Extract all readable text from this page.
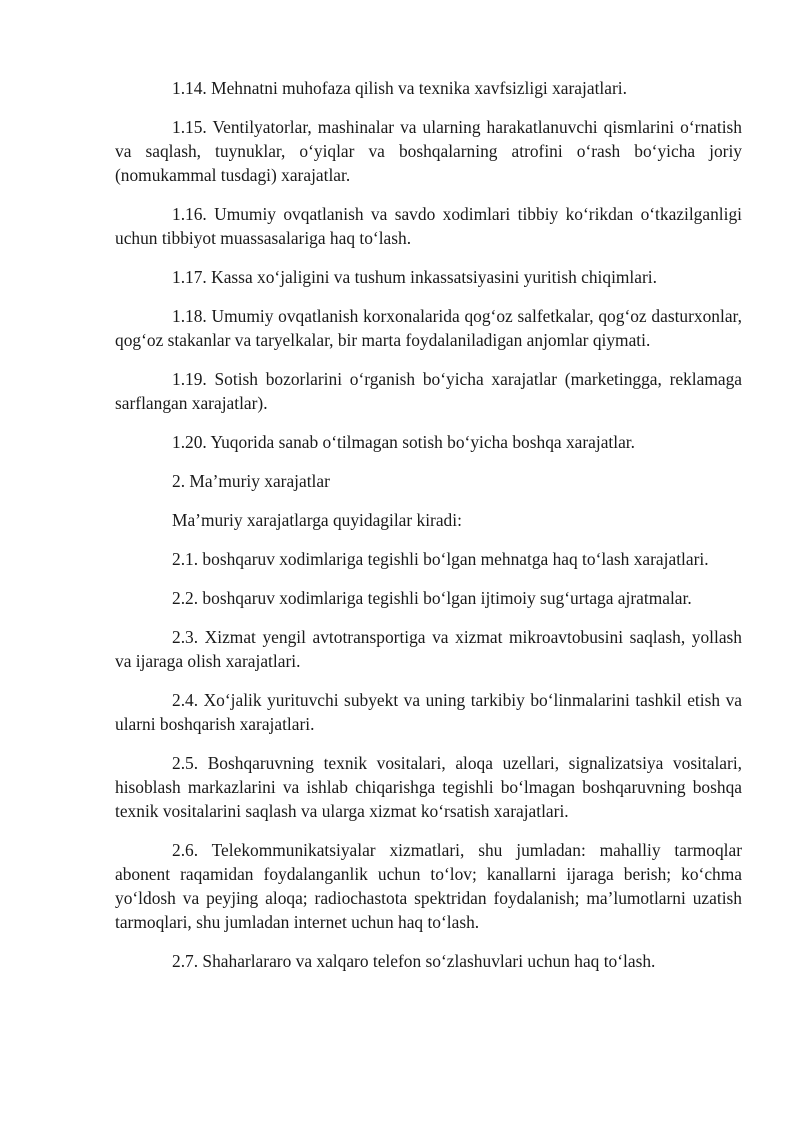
1.14. Mehnatni muhofaza qilish va texnika xavfsizligi xarajatlari.

1.15. Ventilyatorlar, mashinalar va ularning harakatlanuvchi qismlarini o‘rnatish va saqlash, tuynuklar, o‘yiqlar va boshqalarning atrofini o‘rash bo‘yicha joriy (nomukammal tusdagi) xarajatlar.

1.16. Umumiy ovqatlanish va savdo xodimlari tibbiy ko‘rikdan o‘tkazilganligi uchun tibbiyot muassasalariga haq to‘lash.

1.17. Kassa xo‘jaligini va tushum inkassatsiyasini yuritish chiqimlari.

1.18. Umumiy ovqatlanish korxonalarida qog‘oz salfetkalar, qog‘oz dasturxonlar, qog‘oz stakanlar va taryelkalar, bir marta foydalaniladigan anjomlar qiymati.

1.19. Sotish bozorlarini o‘rganish bo‘yicha xarajatlar (marketingga, reklamaga sarflangan xarajatlar).

1.20. Yuqorida sanab o‘tilmagan sotish bo‘yicha boshqa xarajatlar.

2. Ma’muriy xarajatlar

Ma’muriy xarajatlarga quyidagilar kiradi:

2.1. boshqaruv xodimlariga tegishli bo‘lgan mehnatga haq to‘lash xarajatlari.

2.2. boshqaruv xodimlariga tegishli bo‘lgan ijtimoiy sug‘urtaga ajratmalar.

2.3. Xizmat yengil avtotransportiga va xizmat mikroavtobusini saqlash, yollash va ijaraga olish xarajatlari.

2.4. Xo‘jalik yurituvchi subyekt va uning tarkibiy bo‘linmalarini tashkil etish va ularni boshqarish xarajatlari.

2.5. Boshqaruvning texnik vositalari, aloqa uzellari, signalizatsiya vositalari, hisoblash markazlarini va ishlab chiqarishga tegishli bo‘lmagan boshqaruvning boshqa texnik vositalarini saqlash va ularga xizmat ko‘rsatish xarajatlari.

2.6. Telekommunikatsiyalar xizmatlari, shu jumladan: mahalliy tarmoqlar abonent raqamidan foydalanganlik uchun to‘lov; kanallarni ijaraga berish; ko‘chma yo‘ldosh va peyjing aloqa; radiochastota spektridan foydalanish; ma’lumotlarni uzatish tarmoqlari, shu jumladan internet uchun haq to‘lash.

2.7. Shaharlararo va xalqaro telefon so‘zlashuvlari uchun haq to‘lash.
